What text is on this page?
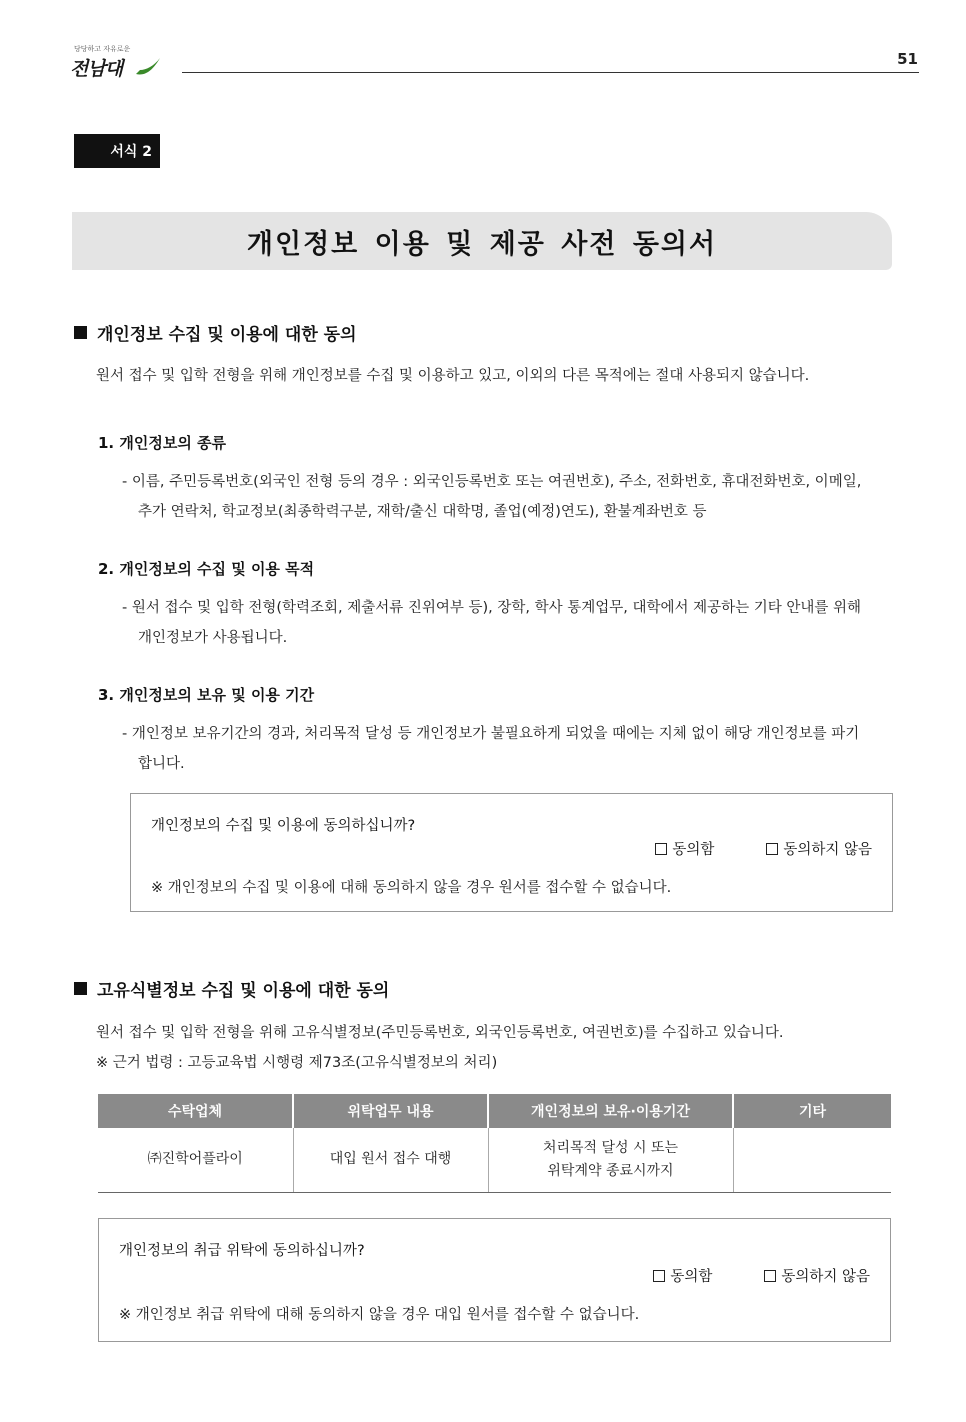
당당하고 자유로운
전남대	51
서식 2
개인정보 이용 및 제공 사전 동의서
개인정보 수집 및 이용에 대한 동의
원서 접수 및 입학 전형을 위해 개인정보를 수집 및 이용하고 있고, 이외의 다른 목적에는 절대 사용되지 않습니다.
1. 개인정보의 종류
- 이름, 주민등록번호(외국인 전형 등의 경우 : 외국인등록번호 또는 여권번호), 주소, 전화번호, 휴대전화번호, 이메일,
추가 연락처, 학교정보(최종학력구분, 재학/출신 대학명, 졸업(예정)연도), 환불계좌번호 등
2. 개인정보의 수집 및 이용 목적
- 원서 접수 및 입학 전형(학력조회, 제출서류 진위여부 등), 장학, 학사 통계업무, 대학에서 제공하는 기타 안내를 위해
개인정보가 사용됩니다.
3. 개인정보의 보유 및 이용 기간
- 개인정보 보유기간의 경과, 처리목적 달성 등 개인정보가 불필요하게 되었을 때에는 지체 없이 해당 개인정보를 파기
합니다.
개인정보의 수집 및 이용에 동의하십니까?
동의함	동의하지 않음
※ 개인정보의 수집 및 이용에 대해 동의하지 않을 경우 원서를 접수할 수 없습니다.
고유식별정보 수집 및 이용에 대한 동의
원서 접수 및 입학 전형을 위해 고유식별정보(주민등록번호, 외국인등록번호, 여권번호)를 수집하고 있습니다.
※ 근거 법령 : 고등교육법 시행령 제73조(고유식별정보의 처리)
수탁업체	위탁업무 내용	개인정보의 보유·이용기간	기타
㈜진학어플라이	대입 원서 접수 대행	처리목적 달성 시 또는
위탁계약 종료시까지	

개인정보의 취급 위탁에 동의하십니까?
동의함	동의하지 않음
※ 개인정보 취급 위탁에 대해 동의하지 않을 경우 대입 원서를 접수할 수 없습니다.
